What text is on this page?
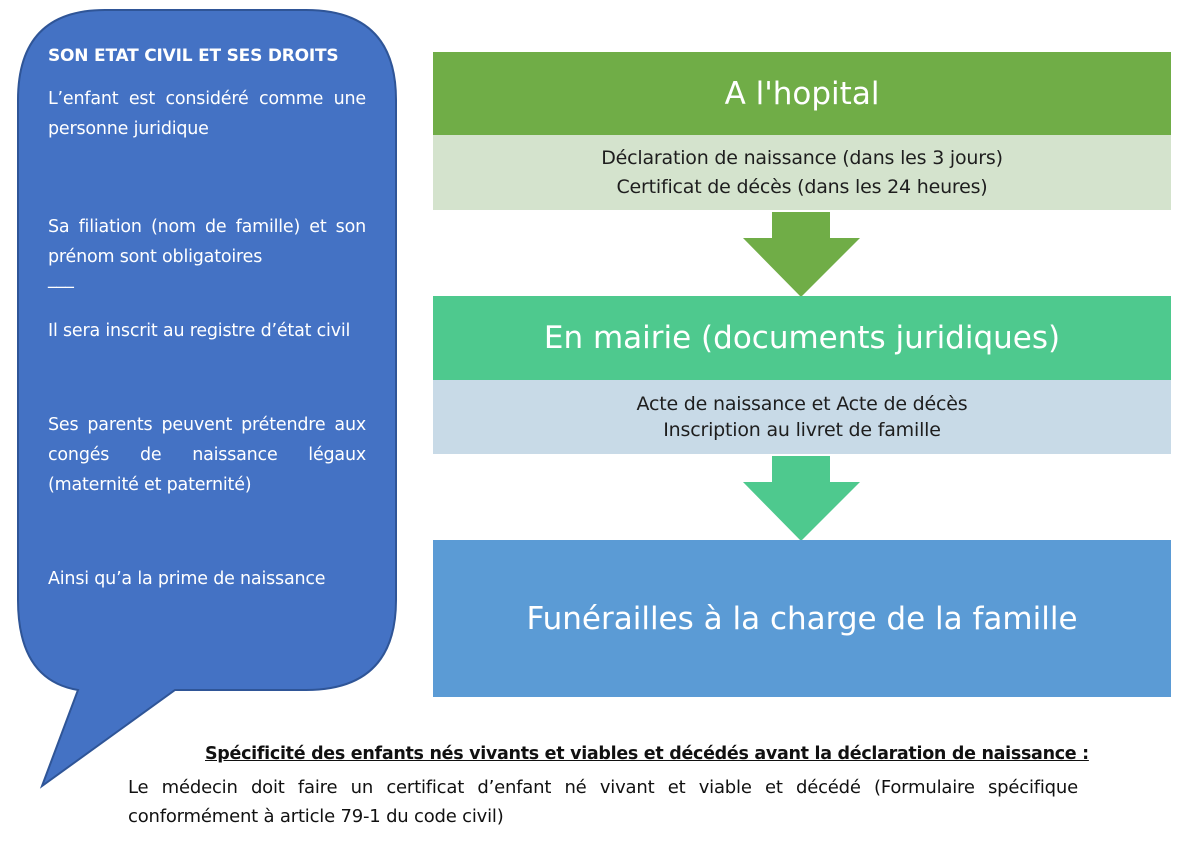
SON ETAT CIVIL ET SES DROITS

L’enfant est considéré comme une personne juridique

Sa filiation (nom de famille) et son prénom sont obligatoires

___

Il sera inscrit au registre d’état civil

Ses parents peuvent prétendre aux congés de naissance légaux (maternité et paternité)

Ainsi qu’a la prime de naissance

A l'hopital
Déclaration de naissance (dans les 3 jours)
Certificat de décès (dans les 24 heures)
En mairie (documents juridiques)
Acte de naissance et Acte de décès
Inscription au livret de famille
Funérailles à la charge de la famille
Spécificité des enfants nés vivants et viables et décédés avant la déclaration de naissance :
Le médecin doit faire un certificat d’enfant né vivant et viable et décédé (Formulaire spécifique conformément à article 79-1 du code civil)
